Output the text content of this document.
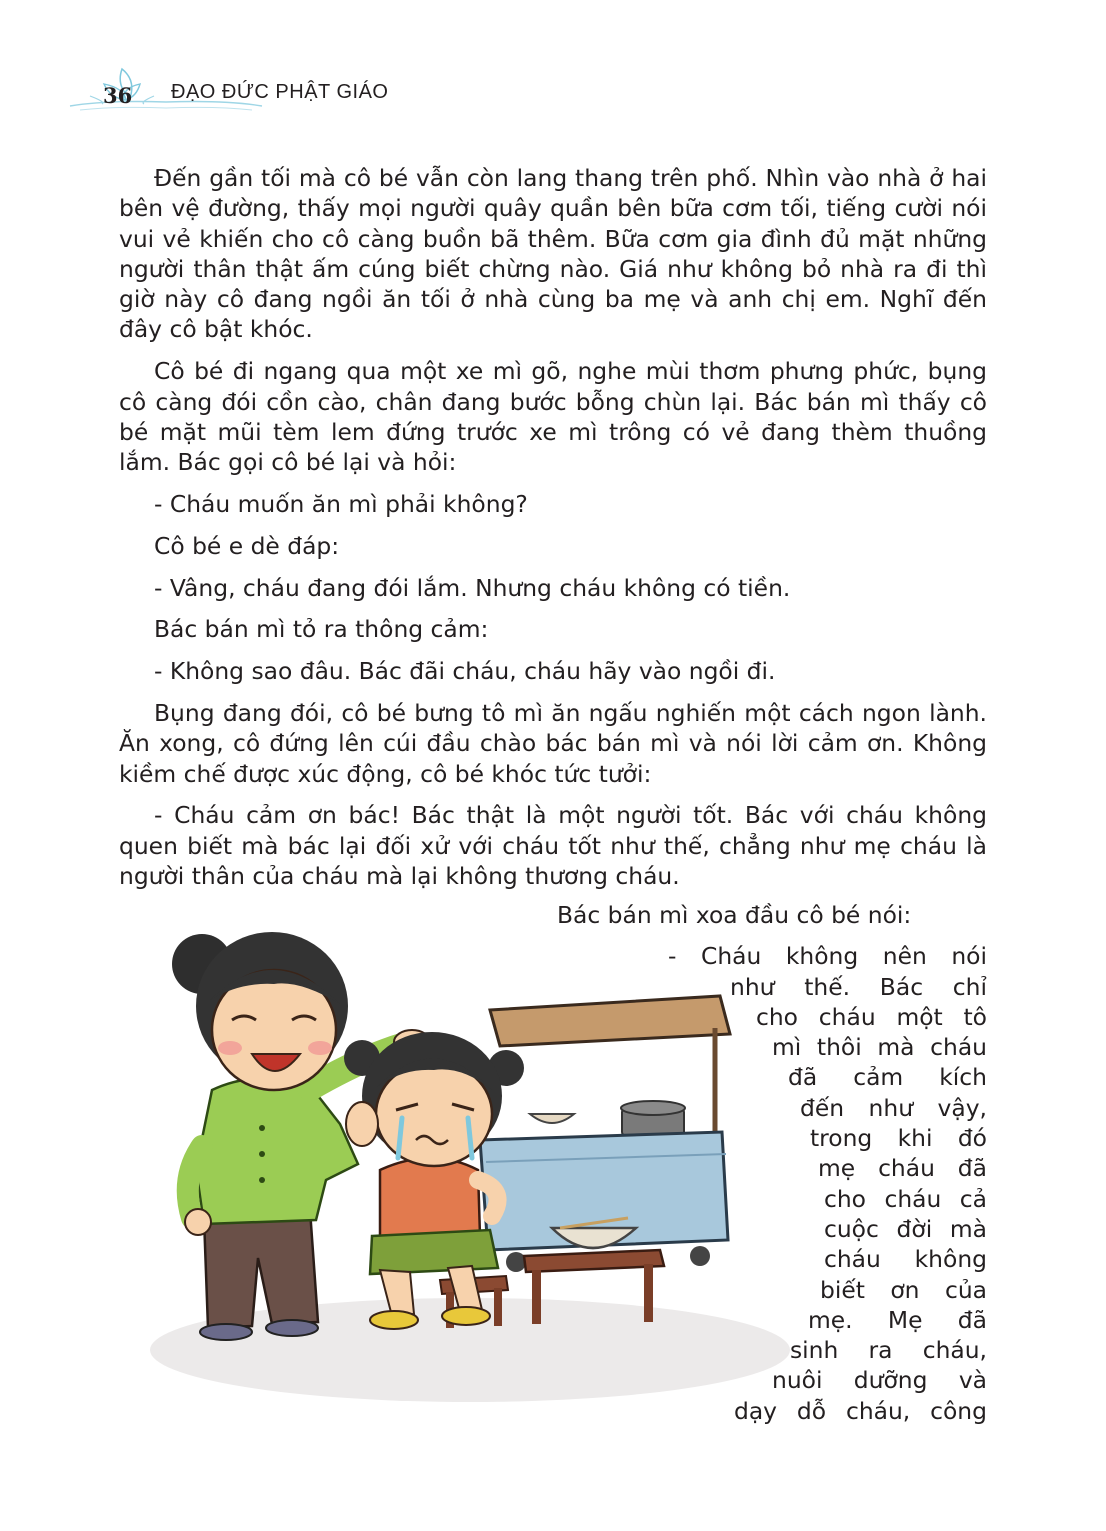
36 ĐẠO ĐỨC PHẬT GIÁO

Đến gần tối mà cô bé vẫn còn lang thang trên phố. Nhìn vào nhà ở hai bên vệ đường, thấy mọi người quây quần bên bữa cơm tối, tiếng cười nói vui vẻ khiến cho cô càng buồn bã thêm. Bữa cơm gia đình đủ mặt những người thân thật ấm cúng biết chừng nào. Giá như không bỏ nhà ra đi thì giờ này cô đang ngồi ăn tối ở nhà cùng ba mẹ và anh chị em. Nghĩ đến đây cô bật khóc.

Cô bé đi ngang qua một xe mì gõ, nghe mùi thơm phưng phức, bụng cô càng đói cồn cào, chân đang bước bỗng chùn lại. Bác bán mì thấy cô bé mặt mũi tèm lem đứng trước xe mì trông có vẻ đang thèm thuồng lắm. Bác gọi cô bé lại và hỏi:

- Cháu muốn ăn mì phải không?

Cô bé e dè đáp:

- Vâng, cháu đang đói lắm. Nhưng cháu không có tiền.

Bác bán mì tỏ ra thông cảm:

- Không sao đâu. Bác đãi cháu, cháu hãy vào ngồi đi.

Bụng đang đói, cô bé bưng tô mì ăn ngấu nghiến một cách ngon lành. Ăn xong, cô đứng lên cúi đầu chào bác bán mì và nói lời cảm ơn. Không kiềm chế được xúc động, cô bé khóc tức tưởi:

- Cháu cảm ơn bác! Bác thật là một người tốt. Bác với cháu không quen biết mà bác lại đối xử với cháu tốt như thế, chẳng như mẹ cháu là người thân của cháu mà lại không thương cháu.

Bác bán mì xoa đầu cô bé nói:

- Cháu không nên nói
như thế. Bác chỉ
cho cháu một tô
mì thôi mà cháu
đã cảm kích
đến như vậy,
trong khi đó
mẹ cháu đã
cho cháu cả
cuộc đời mà
cháu không
biết ơn của
mẹ. Mẹ đã
sinh ra cháu,
nuôi dưỡng và
dạy dỗ cháu, công
